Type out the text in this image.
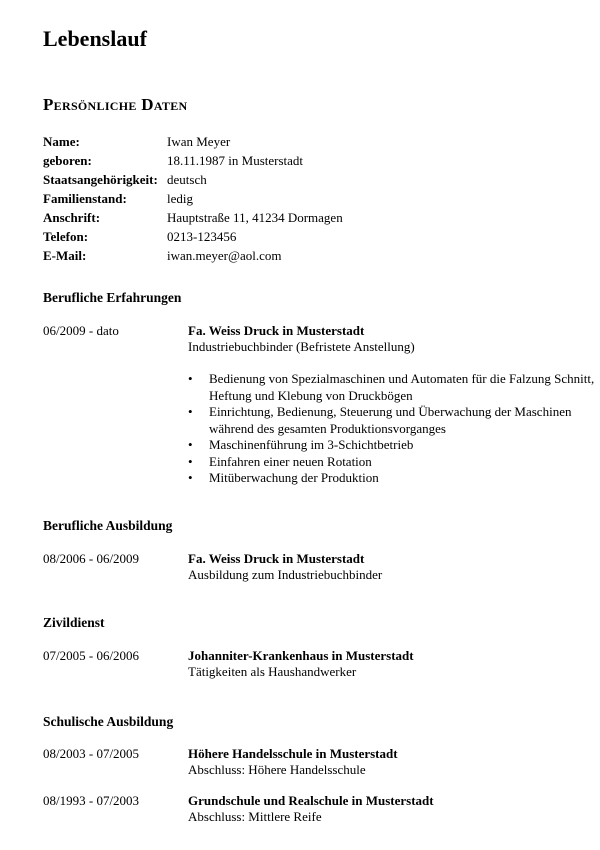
Lebenslauf
Persönliche Daten
Name:	Iwan Meyer
geboren:	18.11.1987 in Musterstadt
Staatsangehörigkeit: deutsch
Familienstand:	ledig
Anschrift:	Hauptstraße 11, 41234 Dormagen
Telefon:	0213-123456
E-Mail:	iwan.meyer@aol.com
Berufliche Erfahrungen
06/2009 - dato	Fa. Weiss Druck in Musterstadt
Industriebuchbinder (Befristete Anstellung)
• Bedienung von Spezialmaschinen und Automaten für die Falzung Schnitt, Heftung und Klebung von Druckbögen
• Einrichtung, Bedienung, Steuerung und Überwachung der Maschinen während des gesamten Produktionsvorganges
• Maschinenführung im 3-Schichtbetrieb
• Einfahren einer neuen Rotation
• Mitüberwachung der Produktion
Berufliche Ausbildung
08/2006 - 06/2009	Fa. Weiss Druck in Musterstadt
Ausbildung zum Industriebuchbinder
Zivildienst
07/2005 - 06/2006	Johanniter-Krankenhaus in Musterstadt
Tätigkeiten als Haushandwerker
Schulische Ausbildung
08/2003 - 07/2005	Höhere Handelsschule in Musterstadt
Abschluss: Höhere Handelsschule
08/1993 - 07/2003	Grundschule und Realschule in Musterstadt
Abschluss: Mittlere Reife
